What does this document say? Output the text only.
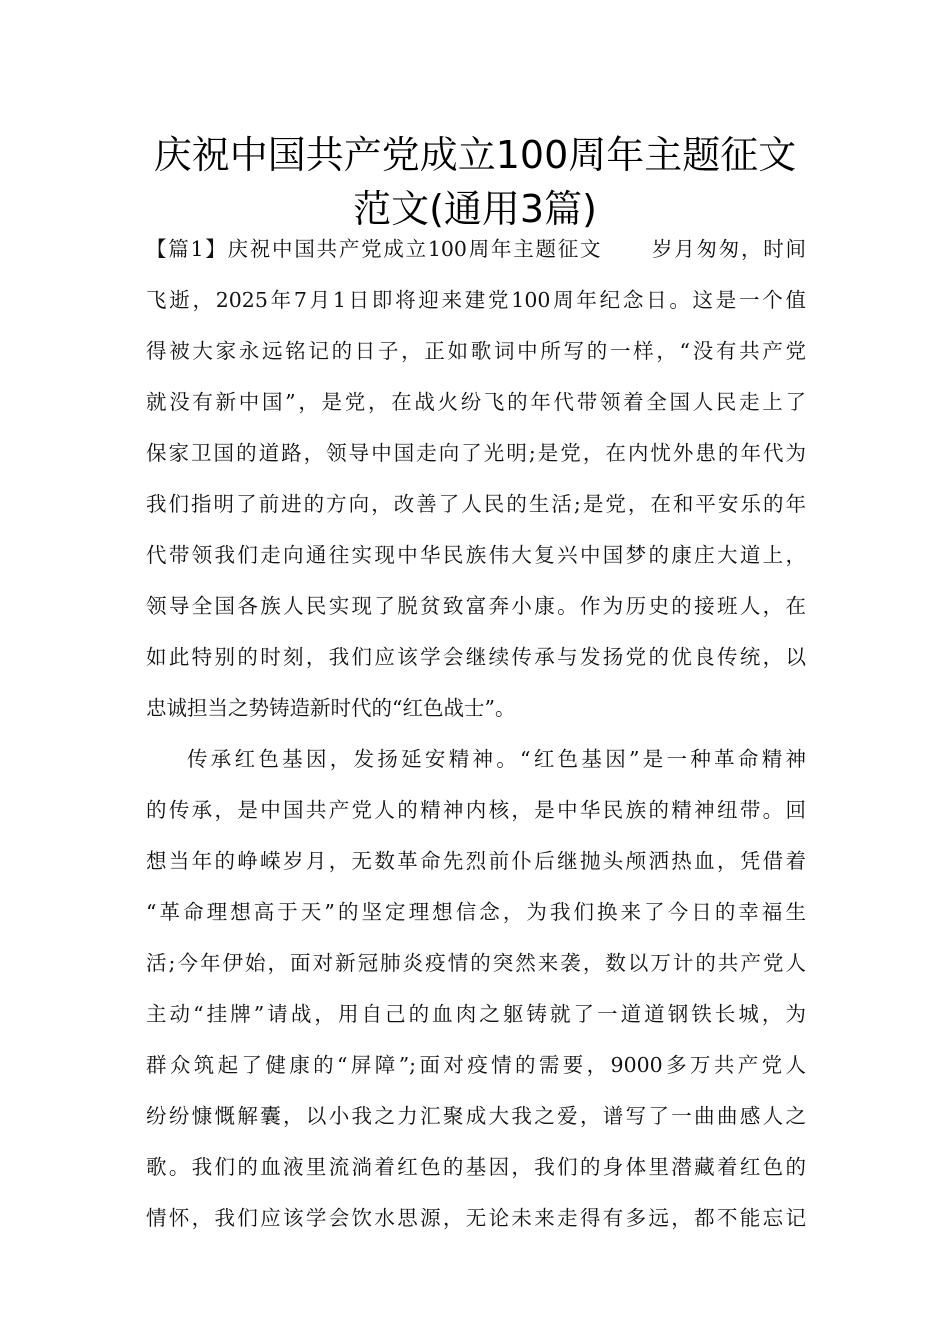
庆祝中国共产党成立100周年主题征文
范文(通用3篇)
【篇1】庆祝中国共产党成立100周年主题征文 岁月匆匆，时间
飞逝，2025年7月1日即将迎来建党100周年纪念日。这是一个值
得被大家永远铭记的日子，正如歌词中所写的一样，“没有共产党
就没有新中国”，是党，在战火纷飞的年代带领着全国人民走上了
保家卫国的道路，领导中国走向了光明;是党，在内忧外患的年代为
我们指明了前进的方向，改善了人民的生活;是党，在和平安乐的年
代带领我们走向通往实现中华民族伟大复兴中国梦的康庄大道上，
领导全国各族人民实现了脱贫致富奔小康。作为历史的接班人，在
如此特别的时刻，我们应该学会继续传承与发扬党的优良传统，以
忠诚担当之势铸造新时代的“红色战士”。
传承红色基因，发扬延安精神。“红色基因”是一种革命精神
的传承，是中国共产党人的精神内核，是中华民族的精神纽带。回
想当年的峥嵘岁月，无数革命先烈前仆后继抛头颅洒热血，凭借着
“革命理想高于天”的坚定理想信念，为我们换来了今日的幸福生
活;今年伊始，面对新冠肺炎疫情的突然来袭，数以万计的共产党人
主动“挂牌”请战，用自己的血肉之躯铸就了一道道钢铁长城，为
群众筑起了健康的“屏障”;面对疫情的需要，9000多万共产党人
纷纷慷慨解囊，以小我之力汇聚成大我之爱，谱写了一曲曲感人之
歌。我们的血液里流淌着红色的基因，我们的身体里潜藏着红色的
情怀，我们应该学会饮水思源，无论未来走得有多远，都不能忘记
